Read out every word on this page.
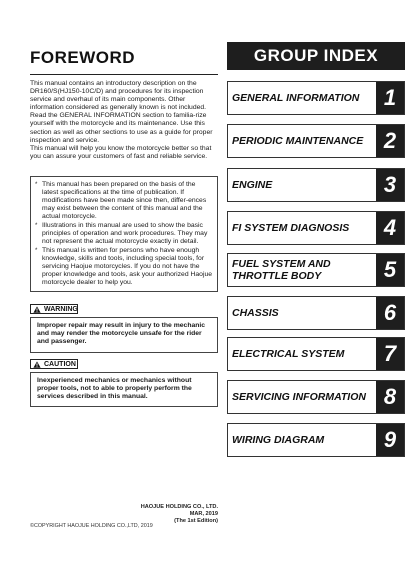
FOREWORD

This manual contains an introductory description on the DR160/S(HJ150-10C/D) and procedures for its inspection service and overhaul of its main components. Other information considered as generally known is not included.

Read the GENERAL INFORMATION section to familia-rize yourself with the motorcycle and its maintenance. Use this section as well as other sections to use as a guide for proper inspection and service.

This manual will help you know the motorcycle better so that you can assure your customers of fast and reliable service.

* This manual has been prepared on the basis of the latest specifications at the time of publication. If modifications have been made since then, differ-ences may exist between the content of this manual and the actual motorcycle.
* Illustrations in this manual are used to show the basic principles of operation and work procedures. They may not represent the actual motorcycle exactly in detail.
* This manual is written for persons who have enough knowledge, skills and tools, including special tools, for servicing Haojue motorcycles. If you do not have the proper knowledge and tools, ask your authorized Haojue motorcycle dealer to help you.
WARNING
Improper repair may result in injury to the mechanic and may render the motorcycle unsafe for the rider and passenger.
CAUTION
Inexperienced mechanics or mechanics without proper tools, not to able to properly perform the services described in this manual.
HAOJUE HOLDING CO., LTD.
MAR, 2019
(The 1st Edition)
©COPYRIGHT HAOJUE HOLDING CO.,LTD, 2019
GROUP INDEX
GENERAL INFORMATION	1
PERIODIC MAINTENANCE 2
ENGINE	3
FI SYSTEM DIAGNOSIS	4
FUEL SYSTEM AND THROTTLE BODY	5
CHASSIS	6
ELECTRICAL SYSTEM	7
SERVICING INFORMATION 8
WIRING DIAGRAM	9
